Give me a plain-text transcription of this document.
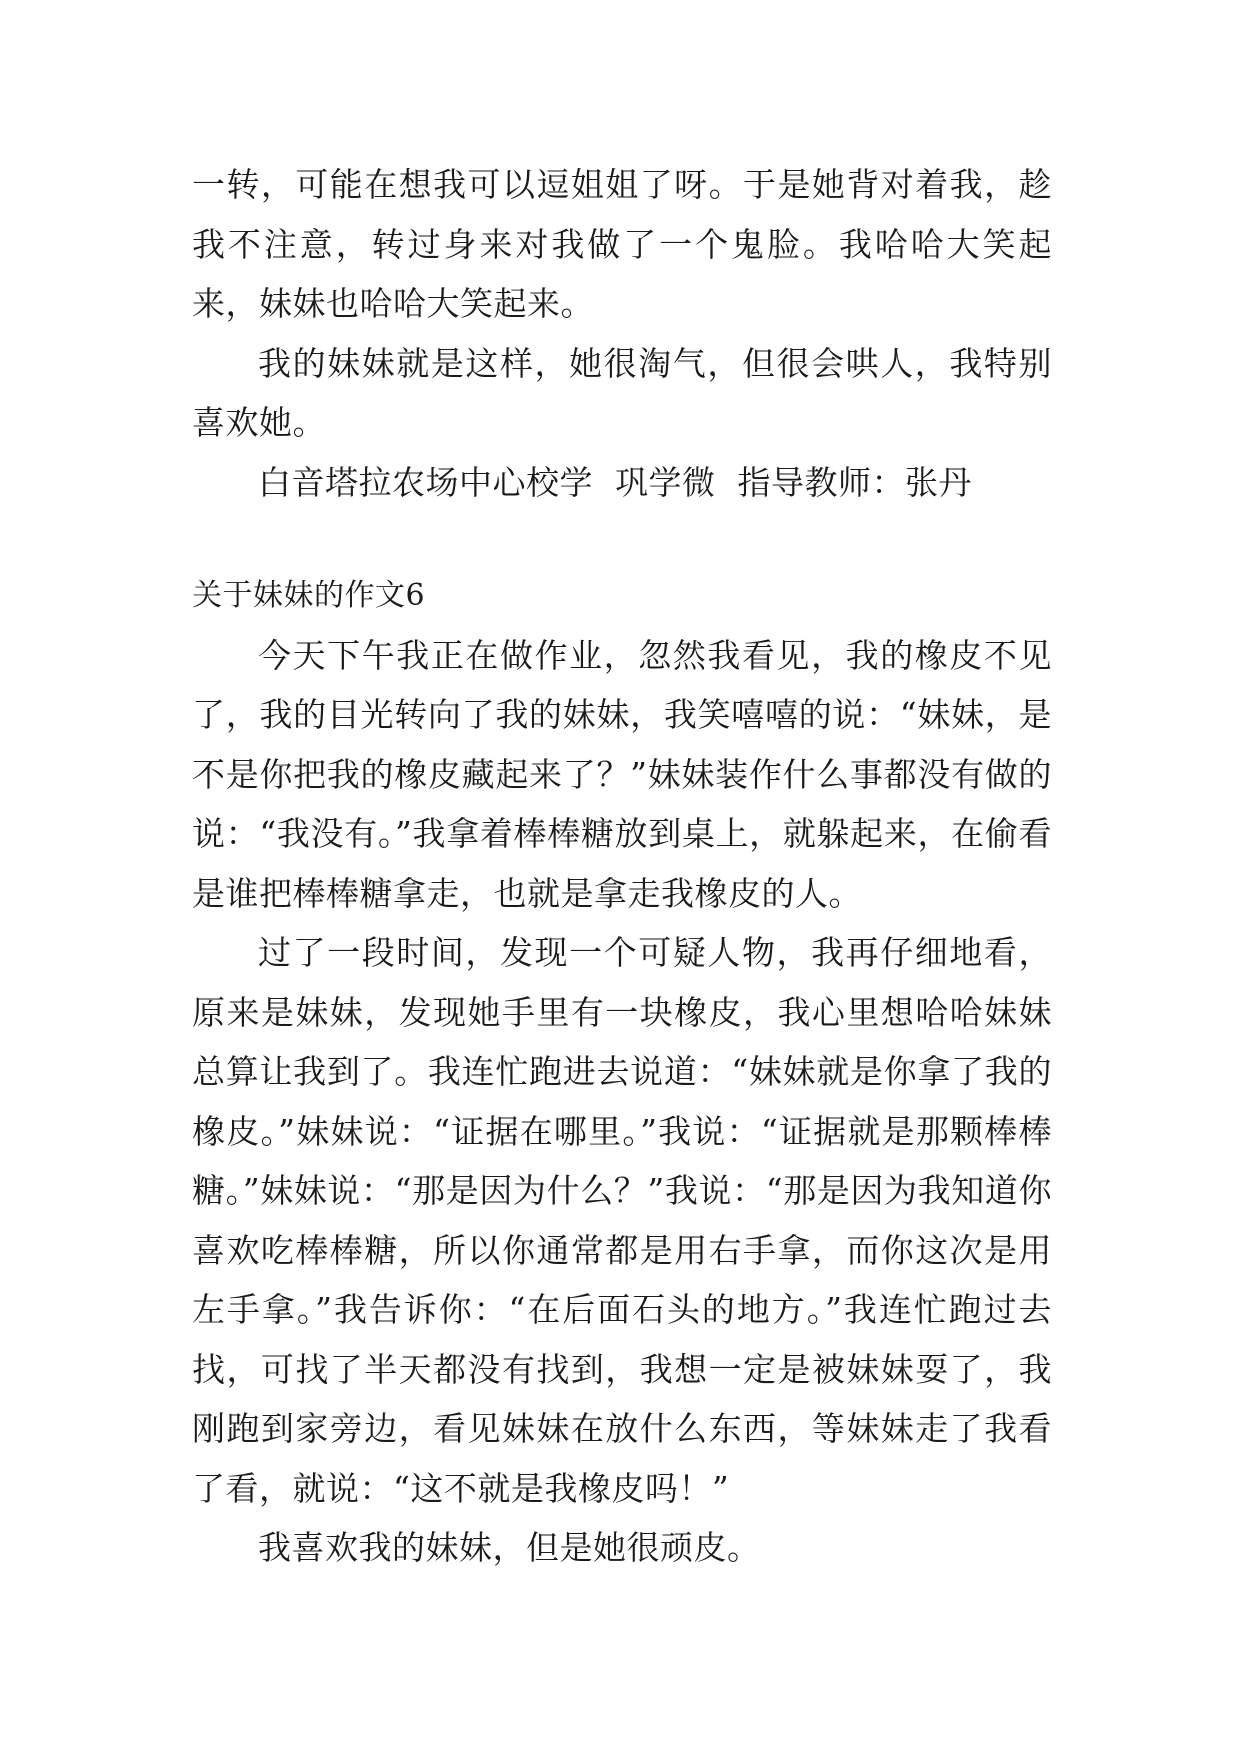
一转，可能在想我可以逗姐姐了呀。于是她背对着我，趁我不注意，转过身来对我做了一个鬼脸。我哈哈大笑起来，妹妹也哈哈大笑起来。

我的妹妹就是这样，她很淘气，但很会哄人，我特别喜欢她。

白音塔拉农场中心校学  巩学微  指导教师：张丹

关于妹妹的作文6

今天下午我正在做作业，忽然我看见，我的橡皮不见了，我的目光转向了我的妹妹，我笑嘻嘻的说：“妹妹，是不是你把我的橡皮藏起来了？”妹妹装作什么事都没有做的说：“我没有。”我拿着棒棒糖放到桌上，就躲起来，在偷看是谁把棒棒糖拿走，也就是拿走我橡皮的人。

过了一段时间，发现一个可疑人物，我再仔细地看，原来是妹妹，发现她手里有一块橡皮，我心里想哈哈妹妹总算让我到了。我连忙跑进去说道：“妹妹就是你拿了我的橡皮。”妹妹说：“证据在哪里。”我说：“证据就是那颗棒棒糖。”妹妹说：“那是因为什么？”我说：“那是因为我知道你喜欢吃棒棒糖，所以你通常都是用右手拿，而你这次是用左手拿。”我告诉你：“在后面石头的地方。”我连忙跑过去找，可找了半天都没有找到，我想一定是被妹妹耍了，我刚跑到家旁边，看见妹妹在放什么东西，等妹妹走了我看了看，就说：“这不就是我橡皮吗！”

我喜欢我的妹妹，但是她很顽皮。
